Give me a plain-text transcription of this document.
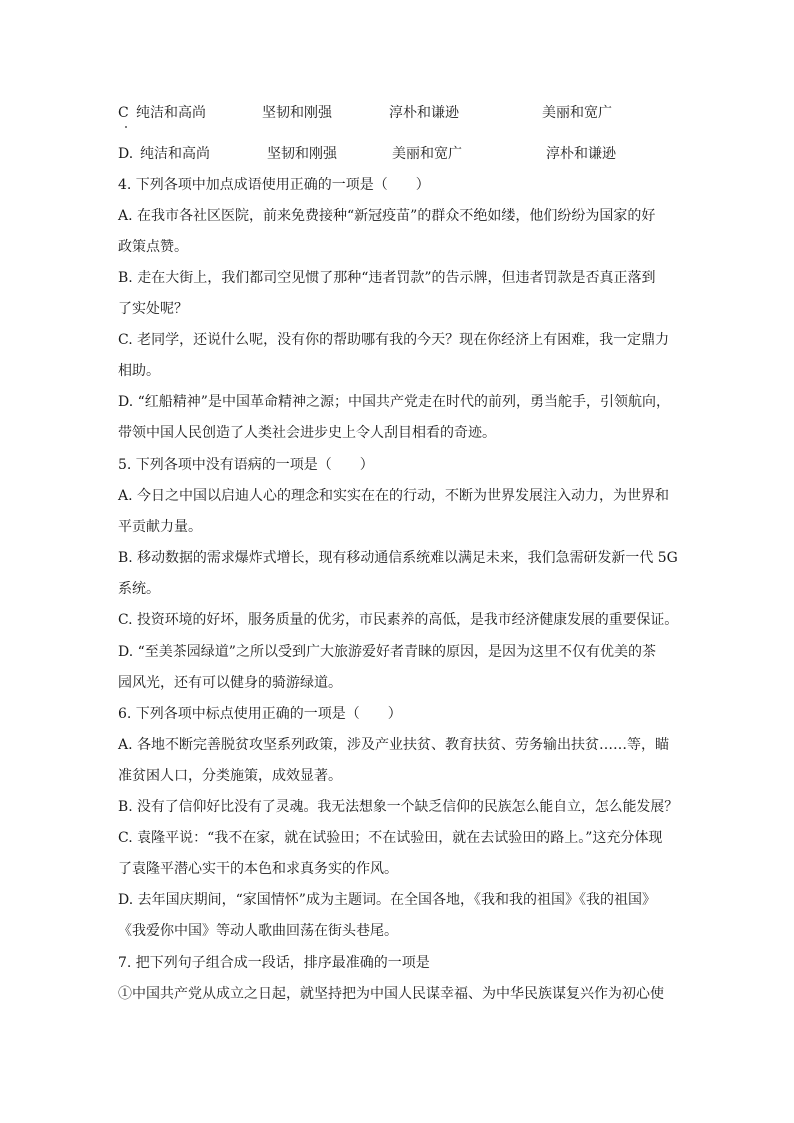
C 纯洁和高尚	坚韧和刚强	淳朴和谦逊	美丽和宽广
D. 纯洁和高尚	坚韧和刚强	美丽和宽广	淳朴和谦逊
4. 下列各项中加点成语使用正确的一项是（　　）
A. 在我市各社区医院，前来免费接种“新冠疫苗”的群众不绝如缕，他们纷纷为国家的好
政策点赞。
B. 走在大街上，我们都司空见惯了那种“违者罚款”的告示牌，但违者罚款是否真正落到
了实处呢？
C. 老同学，还说什么呢，没有你的帮助哪有我的今天？现在你经济上有困难，我一定鼎力
相助。
D. “红船精神”是中国革命精神之源；中国共产党走在时代的前列，勇当舵手，引领航向，
带领中国人民创造了人类社会进步史上令人刮目相看的奇迹。
5. 下列各项中没有语病的一项是（　　）
A. 今日之中国以启迪人心的理念和实实在在的行动，不断为世界发展注入动力，为世界和
平贡献力量。
B. 移动数据的需求爆炸式增长，现有移动通信系统难以满足未来，我们急需研发新一代 5G
系统。
C. 投资环境的好坏，服务质量的优劣，市民素养的高低，是我市经济健康发展的重要保证。
D. “至美茶园绿道”之所以受到广大旅游爱好者青睐的原因，是因为这里不仅有优美的茶
园风光，还有可以健身的骑游绿道。
6. 下列各项中标点使用正确的一项是（　　）
A. 各地不断完善脱贫攻坚系列政策，涉及产业扶贫、教育扶贫、劳务输出扶贫……等，瞄
准贫困人口，分类施策，成效显著。
B. 没有了信仰好比没有了灵魂。我无法想象一个缺乏信仰的民族怎么能自立，怎么能发展？
C. 袁隆平说：“我不在家，就在试验田；不在试验田，就在去试验田的路上。”这充分体现
了袁隆平潜心实干的本色和求真务实的作风。
D. 去年国庆期间，“家国情怀”成为主题词。在全国各地，《我和我的祖国》《我的祖国》
《我爱你中国》等动人歌曲回荡在街头巷尾。
7. 把下列句子组合成一段话，排序最准确的一项是
①中国共产党从成立之日起，就坚持把为中国人民谋幸福、为中华民族谋复兴作为初心使
